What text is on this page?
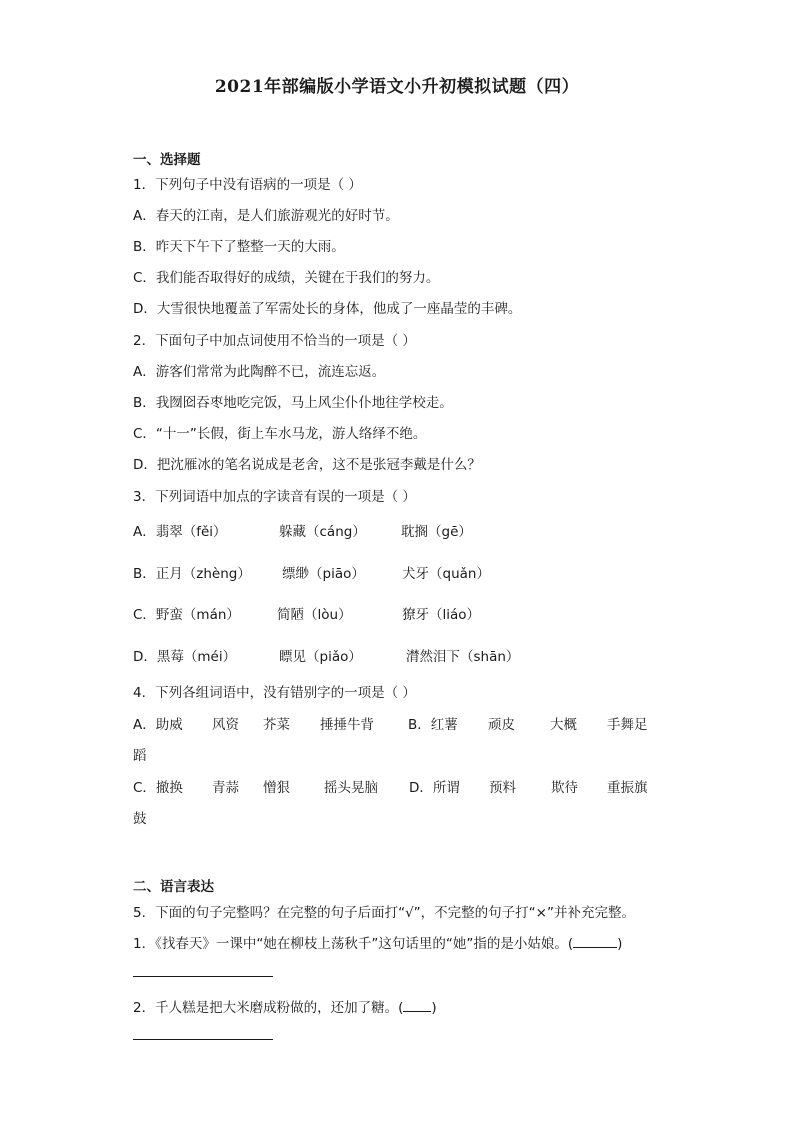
2021年部编版小学语文小升初模拟试题（四）
一、选择题
1．下列句子中没有语病的一项是（ ）
A．春天的江南，是人们旅游观光的好时节。
B．昨天下午下了整整一天的大雨。
C．我们能否取得好的成绩，关键在于我们的努力。
D．大雪很快地覆盖了军需处长的身体，他成了一座晶莹的丰碑。
2．下面句子中加点词使用不恰当的一项是（ ）
A．游客们常常为此陶醉不已，流连忘返。
B．我囫囵吞枣地吃完饭，马上风尘仆仆地往学校走。
C．“十一”长假，街上车水马龙，游人络绎不绝。
D．把沈雁冰的笔名说成是老舍，这不是张冠李戴是什么？
3．下列词语中加点的字读音有误的一项是（ ）
A．翡翠（fěi）	躲藏（cáng）	耽搁（gē）
B．正月（zhèng） 缥缈（piāo）	犬牙（quǎn）
C．野蛮（mán）	简陋（lòu）	獠牙（liáo）
D．黑莓（méi）	瞟见（piǎo）	潸然泪下（shān）
4．下列各组词语中，没有错别字的一项是（ ）
A．助威 风资 芥菜 捶捶牛背	B．红薯 顽皮	大概 手舞足
蹈
C．撤换 青蒜 憎狠	摇头晃脑 D．所谓 预料	欺待 重振旗
鼓
二、语言表达
5．下面的句子完整吗？在完整的句子后面打“√”，不完整的句子打“×”并补充完整。
1．《找春天》一课中“她在柳枝上荡秋千”这句话里的“她”指的是小姑娘。(	)
2．千人糕是把大米磨成粉做的，还加了糖。( )
